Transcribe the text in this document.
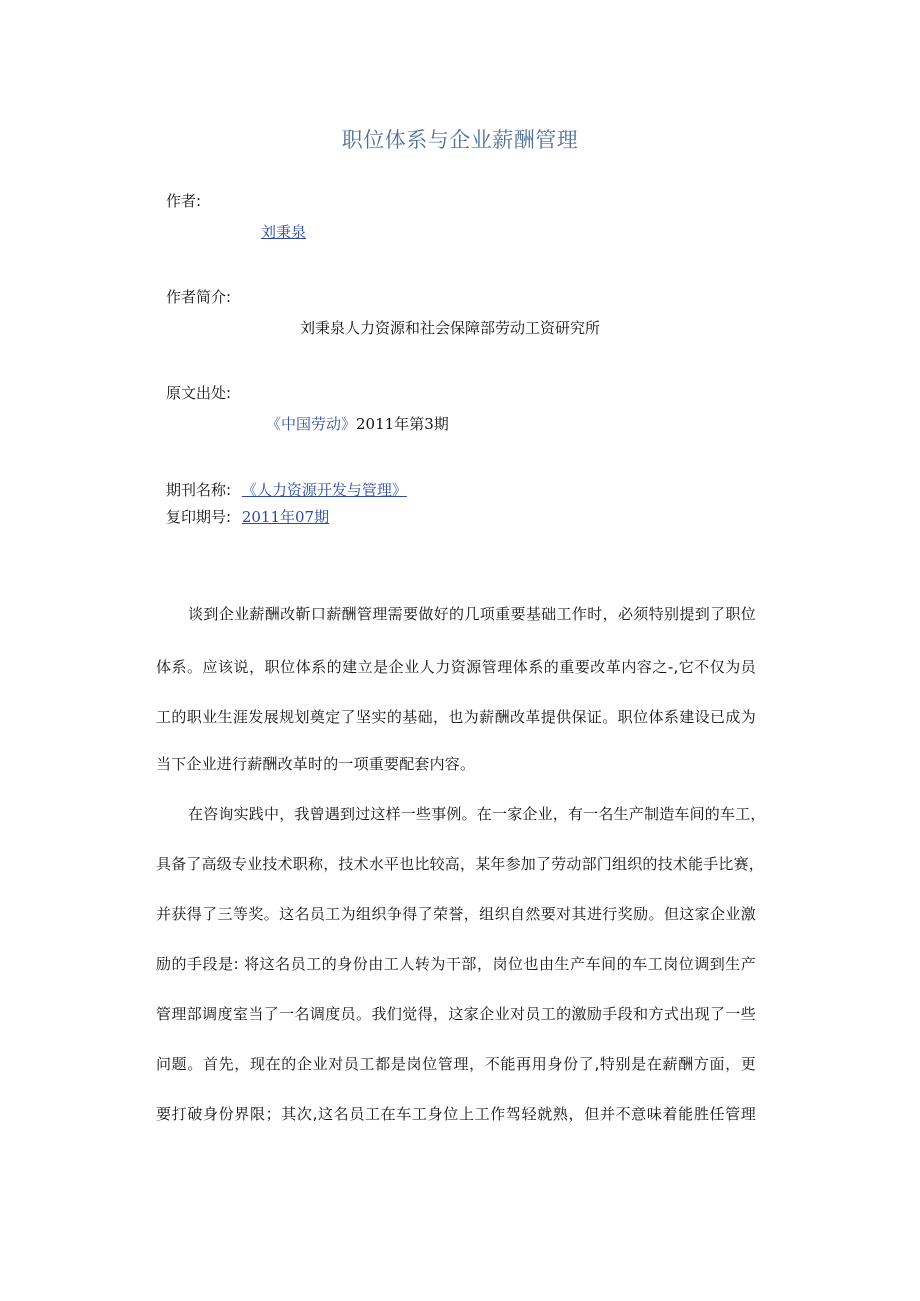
职位体系与企业薪酬管理
作者:
刘秉泉
作者简介:
刘秉泉人力资源和社会保障部劳动工资研究所
原文出处:
《中国劳动》2011年第3期
期刊名称: 《人力资源开发与管理》
复印期号: 2011年07期
谈到企业薪酬改靳口薪酬管理需要做好的几项重要基础工作时，必须特别提到了职位
体系。应该说，职位体系的建立是企业人力资源管理体系的重要改革内容之-,它不仅为员
工的职业生涯发展规划奠定了坚实的基础，也为薪酬改革提供保证。职位体系建设已成为
当下企业进行薪酬改革时的一项重要配套内容。
在咨询实践中，我曾遇到过这样一些事例。在一家企业，有一名生产制造车间的车工，
具备了高级专业技术职称，技术水平也比较高，某年参加了劳动部门组织的技术能手比赛，
并获得了三等奖。这名员工为组织争得了荣誉，组织自然要对其进行奖励。但这家企业激
励的手段是: 将这名员工的身份由工人转为干部，岗位也由生产车间的车工岗位调到生产
管理部调度室当了一名调度员。我们觉得，这家企业对员工的激励手段和方式出现了一些
问题。首先，现在的企业对员工都是岗位管理，不能再用身份了,特别是在薪酬方面，更
要打破身份界限；其次,这名员工在车工身位上工作驾轻就熟，但并不意味着能胜任管理
